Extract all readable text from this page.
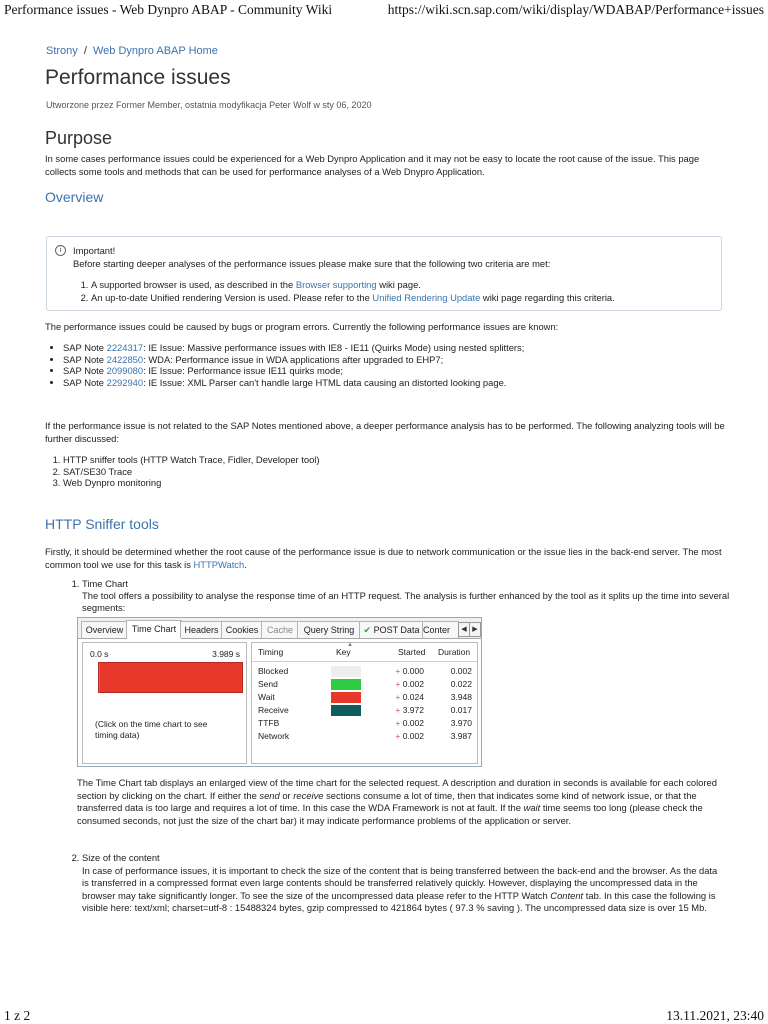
Performance issues - Web Dynpro ABAP - Community Wiki	https://wiki.scn.sap.com/wiki/display/WDABAP/Performance+issues
1 z 2	13.11.2021, 23:40
Strony / Web Dynpro ABAP Home
Performance issues
Utworzone przez Former Member, ostatnia modyfikacja Peter Wolf w sty 06, 2020
Purpose
In some cases performance issues could be experienced for a Web Dynpro Application and it may not be easy to locate the root cause of the issue. This page collects some tools and methods that can be used for performance analyses of a Web Dnypro Application.
Overview
i	Important!
Before starting deeper analyses of the performance issues please make sure that the following two criteria are met:
1. A supported browser is used, as described in the Browser supporting wiki page.
2. An up-to-date Unified rendering Version is used. Please refer to the Unified Rendering Update wiki page regarding this criteria.
The performance issues could be caused by bugs or program errors. Currently the following performance issues are known:
• SAP Note 2224317: IE Issue: Massive performance issues with IE8 - IE11 (Quirks Mode) using nested splitters;
• SAP Note 2422850: WDA: Performance issue in WDA applications after upgraded to EHP7;
• SAP Note 2099080: IE Issue: Performance issue IE11 quirks mode;
• SAP Note 2292940: IE Issue: XML Parser can't handle large HTML data causing an distorted looking page.
If the performance issue is not related to the SAP Notes mentioned above, a deeper performance analysis has to be performed. The following analyzing tools will be further discussed:
1. HTTP sniffer tools (HTTP Watch Trace, Fidler, Developer tool)
2. SAT/SE30 Trace
3. Web Dynpro monitoring
HTTP Sniffer tools
Firstly, it should be determined whether the root cause of the performance issue is due to network communication or the issue lies in the back-end server. The most common tool we use for this task is HTTPWatch.
1. Time Chart
The tool offers a possibility to analyse the response time of an HTTP request. The analysis is further enhanced by the tool as it splits up the time into several segments:
Overview Time Chart Headers Cookies Cache	Query String	✔ POST Data Conter	◀ ▶
0.0 s	3.989 s
(Click on the time chart to see timing data)
Timing	Key
▲
Started Duration
Blocked	+ 0.000	0.002
Send	+ 0.002	0.022
Wait	+ 0.024	3.948
Receive	+ 3.972	0.017
TTFB	+ 0.002	3.970
Network	+ 0.002	3.987
The Time Chart tab displays an enlarged view of the time chart for the selected request. A description and duration in seconds is available for each colored section by clicking on the chart. If either the send or receive sections consume a lot of time, then that indicates some kind of network issue, or that the transferred data is too large and requires a lot of time. In this case the WDA Framework is not at fault. If the wait time seems too long (please check the consumed seconds, not just the size of the chart bar) it may indicate performance problems of the application or server.
2. Size of the content
In case of performance issues, it is important to check the size of the content that is being transferred between the back-end and the browser. As the data is transferred in a compressed format even large contents should be transferred relatively quickly. However, displaying the uncompressed data in the browser may take significantly longer. To see the size of the uncompressed data please refer to the HTTP Watch Content tab. In this case the following is visible here: text/xml; charset=utf-8 : 15488324 bytes, gzip compressed to 421864 bytes ( 97.3 % saving ). The uncompressed data size is over 15 Mb.
